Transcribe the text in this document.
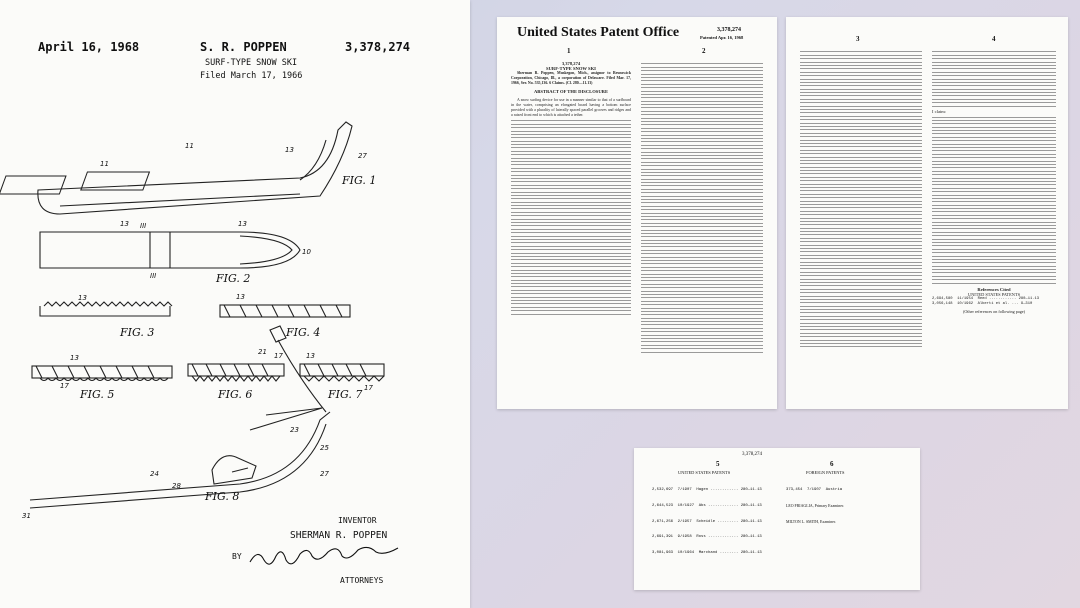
April 16, 1968	S. R. POPPEN	3,378,274
SURF-TYPE SNOW SKI
Filed March 17, 1966
FIG. 1
FIG. 2
FIG. 3	FIG. 4
FIG. 5	FIG. 6	FIG. 7
FIG. 8
11	13
27
11
13 III
III
13
10
13	13
13
17
21 17	13
17
23
25
24
28
27
31	INVENTOR
SHERMAN R. POPPEN
BY
ATTORNEYS
United States Patent Office	3,378,274
Patented Apr. 16, 1968
1	2
3,378,274
SURF-TYPE SNOW SKI

Sherman R. Poppen, Muskegon, Mich., assignor to Brunswick Corporation, Chicago, Ill., a corporation of Delaware. Filed Mar. 17, 1966, Ser. No. 535,136. 6 Claims. (Cl. 280—11.13)

ABSTRACT OF THE DISCLOSURE

A snow surfing device for use in a manner similar to that of a surfboard in the water, comprising an elongated board having a bottom surface provided with a plurality of laterally spaced parallel grooves and ridges and a raised front end to which is attached a tether.

3	4
I claim:
References Cited
UNITED STATES PATENTS
2,694,580  11/1954  Reed ............ 280—11.13
3,056,148  10/1962  Alberti et al. ... 9—310
(Other references on following page)
3,378,274
5	6
UNITED STATES PATENTS	FOREIGN PATENTS

2,532,697  7/1907  Hagen ............ 280—11.13

2,644,523  10/1927  Abs ............. 280—11.13

2,671,256  2/1957  Scheidle ......... 280—11.13

2,691,391  9/1958  Ross ............. 280—11.13

3,081,963  10/1964  Marchand ........ 280—11.13

373,454  7/1907  Austria

LEO FRIAGLIA, Primary Examiner.

MILTON L. SMITH, Examiner.
